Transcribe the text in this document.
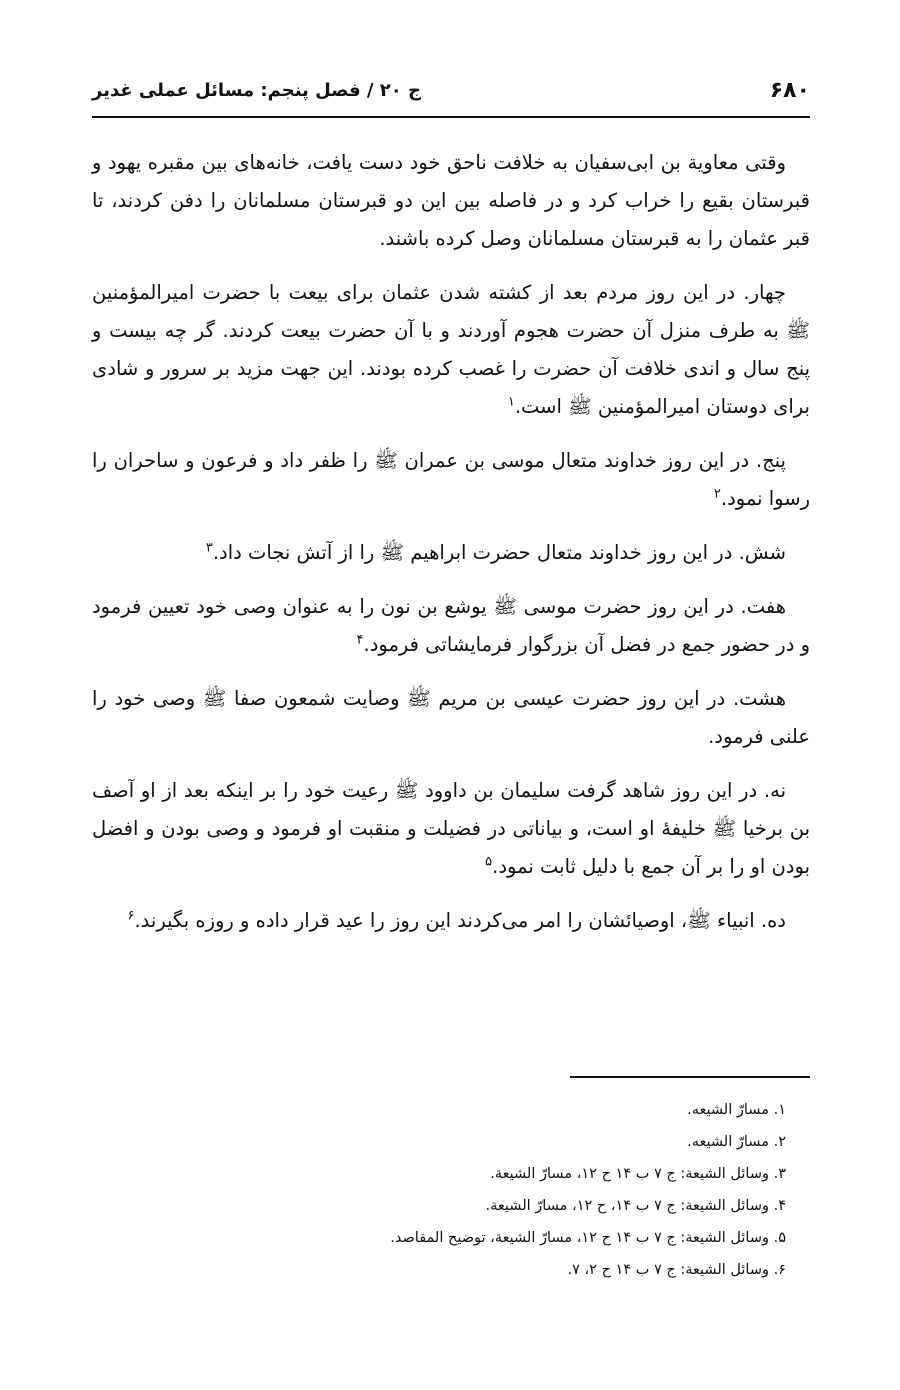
۶۸۰
ج ۲۰ / فصل پنجم: مسائل عملی غدیر

وقتی معاویة بن ابی‌سفیان به خلافت ناحق خود دست یافت، خانه‌های بین مقبره یهود و قبرستان بقیع را خراب کرد و در فاصله بین این دو قبرستان مسلمانان را دفن کردند، تا قبر عثمان را به قبرستان مسلمانان وصل کرده باشند.

چهار. در این روز مردم بعد از کشته شدن عثمان برای بیعت با حضرت امیرالمؤمنین ﷺ به طرف منزل آن حضرت هجوم آوردند و با آن حضرت بیعت کردند. گر چه بیست و پنج سال و اندی خلافت آن حضرت را غصب کرده بودند. این جهت مزید بر سرور و شادی برای دوستان امیرالمؤمنین ﷺ است.$^۱$

پنج. در این روز خداوند متعال موسی بن عمران ﷺ را ظفر داد و فرعون و ساحران را رسوا نمود.$^۲$

شش. در این روز خداوند متعال حضرت ابراهیم ﷺ را از آتش نجات داد.$^۳$

هفت. در این روز حضرت موسی ﷺ یوشع بن نون را به عنوان وصی خود تعیین فرمود و در حضور جمع در فضل آن بزرگوار فرمایشاتی فرمود.$^۴$

هشت. در این روز حضرت عیسی بن مریم ﷺ وصایت شمعون صفا ﷺ وصی خود را علنی فرمود.

نه. در این روز شاهد گرفت سلیمان بن داوود ﷺ رعیت خود را بر اینکه بعد از او آصف بن برخیا ﷺ خلیفهٔ او است، و بیاناتی در فضیلت و منقبت او فرمود و وصی بودن و افضل بودن او را بر آن جمع با دلیل ثابت نمود.$^۵$

ده. انبیاء ﷺ، اوصیائشان را امر می‌کردند این روز را عید قرار داده و روزه بگیرند.$^۶$

۱. مسارّ الشیعه.
۲. مسارّ الشیعه.
۳. وسائل الشیعة: ج ۷ ب ۱۴ ح ۱۲، مسارّ الشیعة.
۴. وسائل الشیعة: ج ۷ ب ۱۴، ح ۱۲، مسارّ الشیعة.
۵. وسائل الشیعة: ج ۷ ب ۱۴ ح ۱۲، مسارّ الشیعة، توضیح المقاصد.
۶. وسائل الشیعة: ج ۷ ب ۱۴ ح ۲، ۷.
